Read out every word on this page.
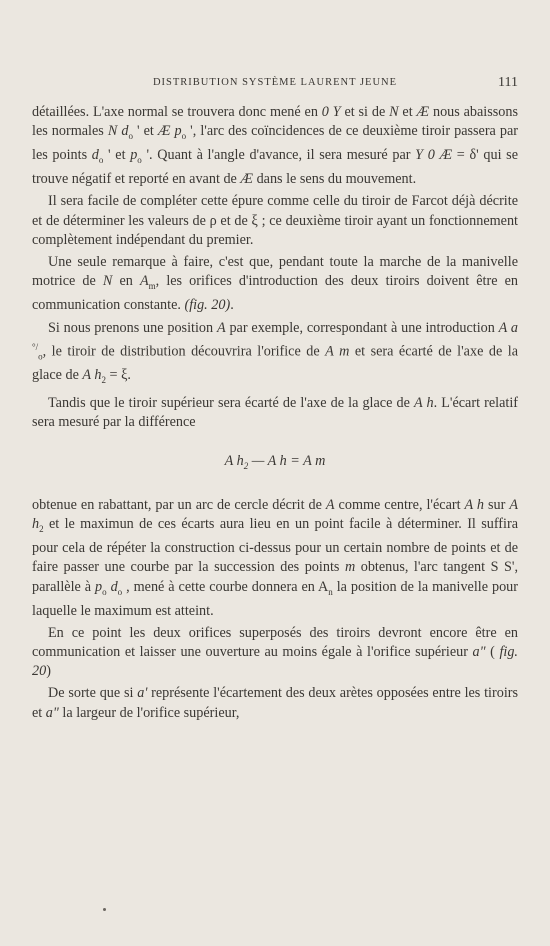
DISTRIBUTION SYSTÈME LAURENT JEUNE	111

détaillées. L'axe normal se trouvera donc mené en 0 Y et si de N et Æ nous abaissons les normales N $d_o$ ' et Æ $p_o$ ', l'arc des coïncidences de ce deuxième tiroir passera par les points $d_o$ ' et $p_o$ '. Quant à l'angle d'avance, il sera mesuré par Y 0 Æ = δ' qui se trouve négatif et reporté en avant de Æ dans le sens du mouvement.

Il sera facile de compléter cette épure comme celle du tiroir de Farcot déjà décrite et de déterminer les valeurs de ρ et de ξ ; ce deuxième tiroir ayant un fonctionnement complètement indépendant du premier.

Une seule remarque à faire, c'est que, pendant toute la marche de la manivelle motrice de N en $A_m$, les orifices d'introduction des deux tiroirs doivent être en communication constante. (fig. 20).

Si nous prenons une position A par exemple, correspondant à une introduction A a °/$_o$, le tiroir de distribution découvrira l'orifice de A m et sera écarté de l'axe de la glace de A $h_2 = \xi$.

Tandis que le tiroir supérieur sera écarté de l'axe de la glace de A h. L'écart relatif sera mesuré par la différence

A $h_2$ — A h = A m

obtenue en rabattant, par un arc de cercle décrit de A comme centre, l'écart A h sur A $h_2$ et le maximun de ces écarts aura lieu en un point facile à déterminer. Il suffira pour cela de répéter la construction ci-dessus pour un certain nombre de points et de faire passer une courbe par la succession des points m obtenus, l'arc tangent S S', parallèle à $p_o$ $d_o$ , mené à cette courbe donnera en $A_n$ la position de la manivelle pour laquelle le maximum est atteint.

En ce point les deux orifices superposés des tiroirs devront encore être en communication et laisser une ouverture au moins égale à l'orifice supérieur a" ( fig. 20)

De sorte que si a' représente l'écartement des deux arètes opposées entre les tiroirs et a" la largeur de l'orifice supérieur,
